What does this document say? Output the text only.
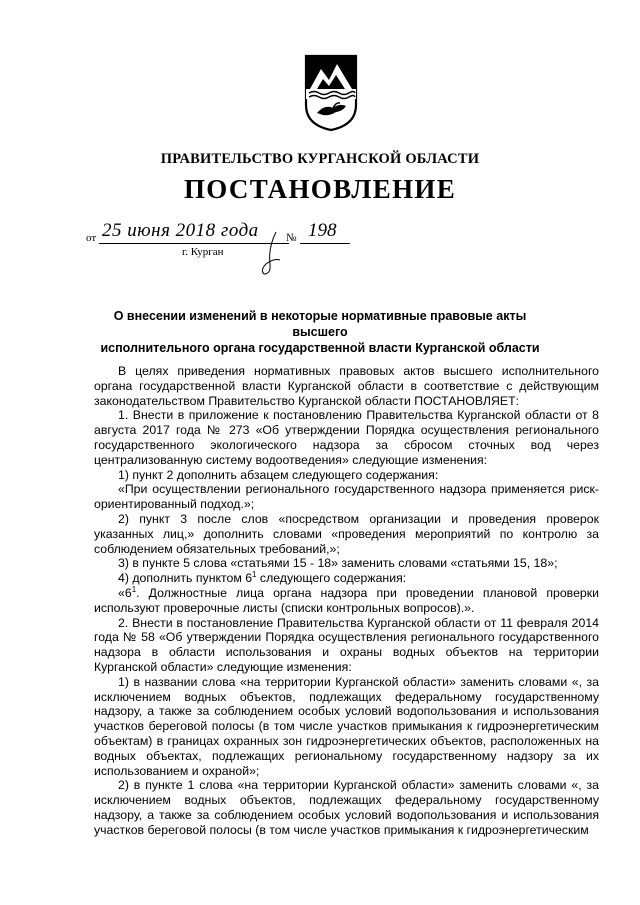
ПРАВИТЕЛЬСТВО КУРГАНСКОЙ ОБЛАСТИ
ПОСТАНОВЛЕНИЕ
от 25 июня 2018 года № 198
г. Курган
О внесении изменений в некоторые нормативные правовые акты высшего
исполнительного органа государственной власти Курганской области

В целях приведения нормативных правовых актов высшего исполнительного органа государственной власти Курганской области в соответствие с действующим законодательством Правительство Курганской области ПОСТАНОВЛЯЕТ:

1. Внести в приложение к постановлению Правительства Курганской области от 8 августа 2017 года № 273 «Об утверждении Порядка осуществления регионального государственного экологического надзора за сбросом сточных вод через централизованную систему водоотведения» следующие изменения:

1) пункт 2 дополнить абзацем следующего содержания:

«При осуществлении регионального государственного надзора применяется риск-ориентированный подход.»;

2) пункт 3 после слов «посредством организации и проведения проверок указанных лиц,» дополнить словами «проведения мероприятий по контролю за соблюдением обязательных требований,»;

3) в пункте 5 слова «статьями 15 - 18» заменить словами «статьями 15, 18»;

4) дополнить пунктом $6^1$ следующего содержания:

«$6^1$. Должностные лица органа надзора при проведении плановой проверки используют проверочные листы (списки контрольных вопросов).».

2. Внести в постановление Правительства Курганской области от 11 февраля 2014 года № 58 «Об утверждении Порядка осуществления регионального государственного надзора в области использования и охраны водных объектов на территории Курганской области» следующие изменения:

1) в названии слова «на территории Курганской области» заменить словами «, за исключением водных объектов, подлежащих федеральному государственному надзору, а также за соблюдением особых условий водопользования и использования участков береговой полосы (в том числе участков примыкания к гидроэнергетическим объектам) в границах охранных зон гидроэнергетических объектов, расположенных на водных объектах, подлежащих региональному государственному надзору за их использованием и охраной»;

2) в пункте 1 слова «на территории Курганской области» заменить словами «, за исключением водных объектов, подлежащих федеральному государственному надзору, а также за соблюдением особых условий водопользования и использования участков береговой полосы (в том числе участков примыкания к гидроэнергетическим
